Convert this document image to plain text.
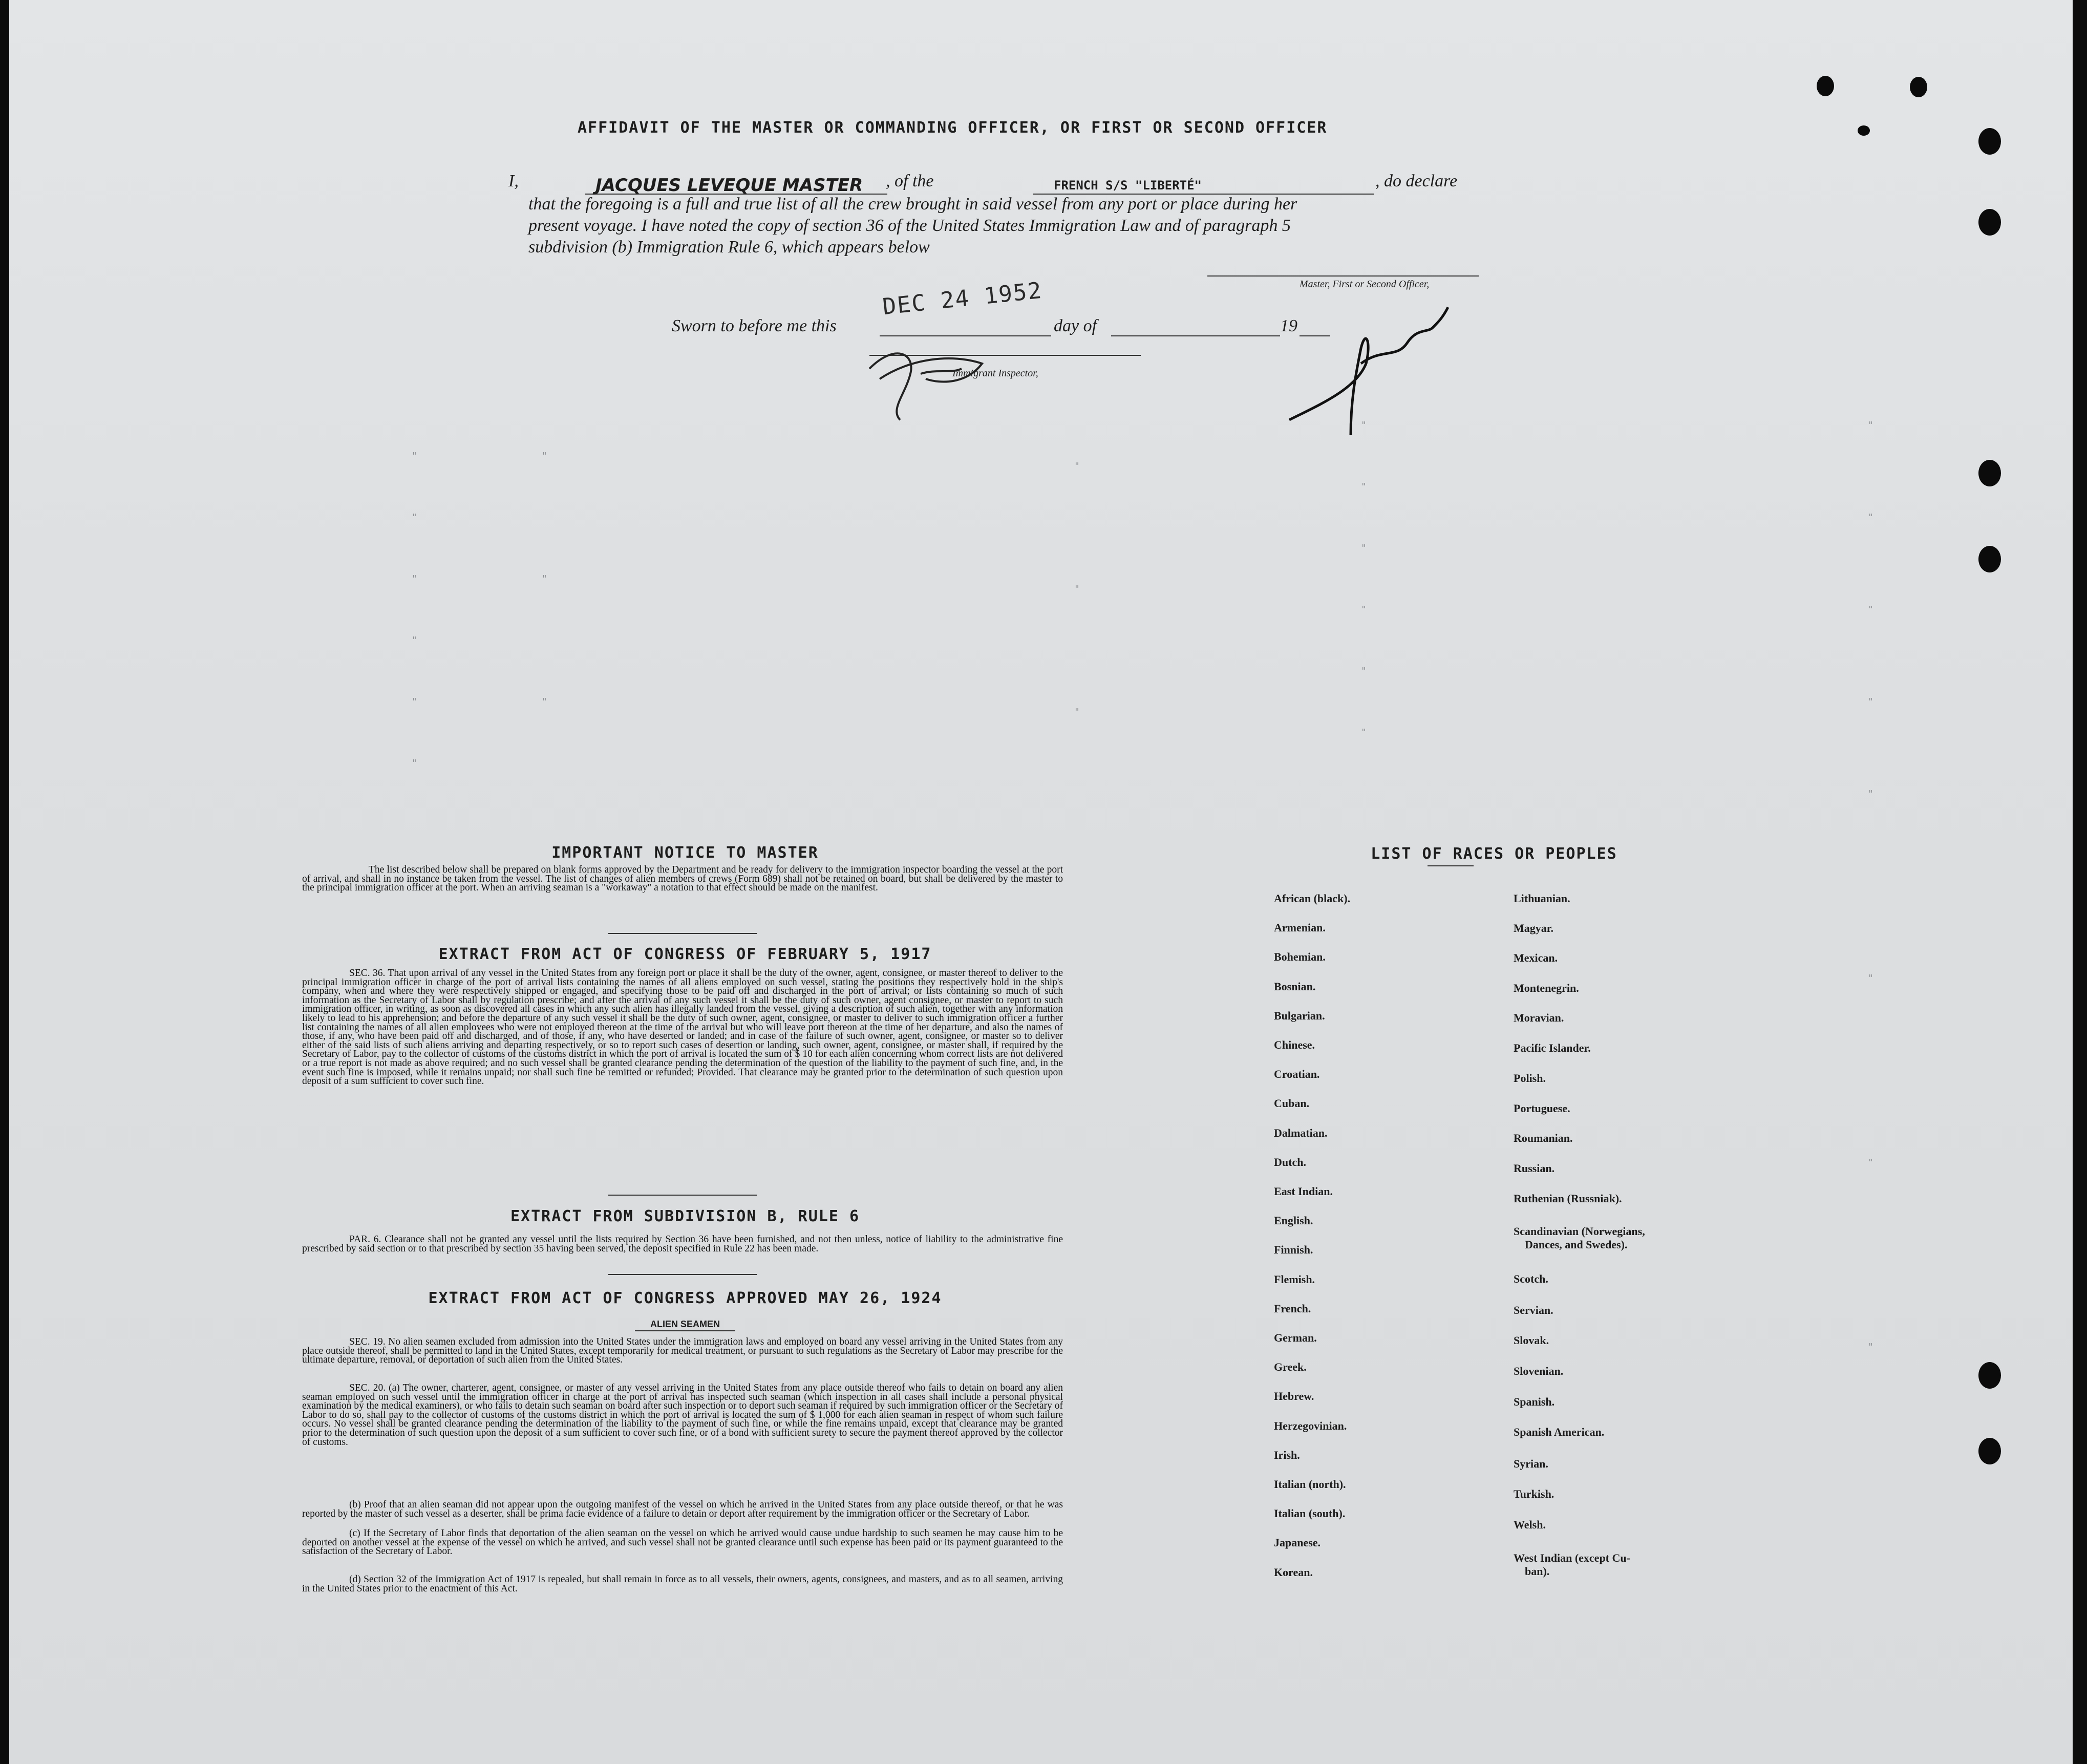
"
"
"
"
"
"
"
"
"
"
"
"
"
"
"
"
"
"
"
"
"
"
"
"
"
"
AFFIDAVIT OF THE MASTER OR COMMANDING OFFICER, OR FIRST OR SECOND OFFICER
I,	JACQUES LEVEQUE MASTER , of the	FRENCH S/S "LIBERTÉ"	, do declare
that the foregoing is a full and true list of all the crew brought in said vessel from any port or place during her
present voyage. I have noted the copy of section 36 of the United States Immigration Law and of paragraph 5
subdivision (b) Immigration Rule 6, which appears below
Master, First or Second Officer,
Sworn to before me this	day of	19
DEC 24 1952
Immigrant Inspector,
IMPORTANT NOTICE TO MASTER
The list described below shall be prepared on blank forms approved by the Department and be ready for delivery to the immigration inspector boarding the vessel at the port of arrival, and shall in no instance be taken from the vessel. The list of changes of alien members of crews (Form 689) shall not be retained on board, but shall be delivered by the master to the principal immigration officer at the port. When an arriving seaman is a "workaway" a notation to that effect should be made on the manifest.
EXTRACT FROM ACT OF CONGRESS OF FEBRUARY 5, 1917
SEC. 36. That upon arrival of any vessel in the United States from any foreign port or place it shall be the duty of the owner, agent, consignee, or master thereof to deliver to the principal immigration officer in charge of the port of arrival lists containing the names of all aliens employed on such vessel, stating the positions they respectively hold in the ship's company, when and where they were respectively shipped or engaged, and specifying those to be paid off and discharged in the port of arrival; or lists containing so much of such information as the Secretary of Labor shall by regulation prescribe; and after the arrival of any such vessel it shall be the duty of such owner, agent consignee, or master to report to such immigration officer, in writing, as soon as discovered all cases in which any such alien has illegally landed from the vessel, giving a description of such alien, together with any information likely to lead to his apprehension; and before the departure of any such vessel it shall be the duty of such owner, agent, consignee, or master to deliver to such immigration officer a further list containing the names of all alien employees who were not employed thereon at the time of the arrival but who will leave port thereon at the time of her departure, and also the names of those, if any, who have been paid off and discharged, and of those, if any, who have deserted or landed; and in case of the failure of such owner, agent, consignee, or master so to deliver either of the said lists of such aliens arriving and departing respectively, or so to report such cases of desertion or landing, such owner, agent, consignee, or master shall, if required by the Secretary of Labor, pay to the collector of customs of the customs district in which the port of arrival is located the sum of $ 10 for each alien concerning whom correct lists are not delivered or a true report is not made as above required; and no such vessel shall be granted clearance pending the determination of the question of the liability to the payment of such fine, and, in the event such fine is imposed, while it remains unpaid; nor shall such fine be remitted or refunded; Provided. That clearance may be granted prior to the determination of such question upon deposit of a sum sufficient to cover such fine.
EXTRACT FROM SUBDIVISION B, RULE 6
PAR. 6. Clearance shall not be granted any vessel until the lists required by Section 36 have been furnished, and not then unless, notice of liability to the administrative fine prescribed by said section or to that prescribed by section 35 having been served, the deposit specified in Rule 22 has been made.
EXTRACT FROM ACT OF CONGRESS APPROVED MAY 26, 1924
ALIEN SEAMEN
SEC. 19. No alien seamen excluded from admission into the United States under the immigration laws and employed on board any vessel arriving in the United States from any place outside thereof, shall be permitted to land in the United States, except temporarily for medical treatment, or pursuant to such regulations as the Secretary of Labor may prescribe for the ultimate departure, removal, or deportation of such alien from the United States.
SEC. 20. (a) The owner, charterer, agent, consignee, or master of any vessel arriving in the United States from any place outside thereof who fails to detain on board any alien seaman employed on such vessel until the immigration officer in charge at the port of arrival has inspected such seaman (which inspection in all cases shall include a personal physical examination by the medical examiners), or who fails to detain such seaman on board after such inspection or to deport such seaman if required by such immigration officer or the Secretary of Labor to do so, shall pay to the collector of customs of the customs district in which the port of arrival is located the sum of $ 1,000 for each alien seaman in respect of whom such failure occurs. No vessel shall be granted clearance pending the determination of the liability to the payment of such fine, or while the fine remains unpaid, except that clearance may be granted prior to the determination of such question upon the deposit of a sum sufficient to cover such fine, or of a bond with sufficient surety to secure the payment thereof approved by the collector of customs.
(b) Proof that an alien seaman did not appear upon the outgoing manifest of the vessel on which he arrived in the United States from any place outside thereof, or that he was reported by the master of such vessel as a deserter, shall be prima facie evidence of a failure to detain or deport after requirement by the immigration officer or the Secretary of Labor.
(c) If the Secretary of Labor finds that deportation of the alien seaman on the vessel on which he arrived would cause undue hardship to such seamen he may cause him to be deported on another vessel at the expense of the vessel on which he arrived, and such vessel shall not be granted clearance until such expense has been paid or its payment guaranteed to the satisfaction of the Secretary of Labor.
(d) Section 32 of the Immigration Act of 1917 is repealed, but shall remain in force as to all vessels, their owners, agents, consignees, and masters, and as to all seamen, arriving in the United States prior to the enactment of this Act.
LIST OF RACES OR PEOPLES
African (black).
Armenian.
Bohemian.
Bosnian.
Bulgarian.
Chinese.
Croatian.
Cuban.
Dalmatian.
Dutch.
East Indian.
English.
Finnish.
Flemish.
French.
German.
Greek.
Hebrew.
Herzegovinian.
Irish.
Italian (north).
Italian (south).
Japanese.
Korean.
Lithuanian.
Magyar.
Mexican.
Montenegrin.
Moravian.
Pacific Islander.
Polish.
Portuguese.
Roumanian.
Russian.
Ruthenian (Russniak).
Scandinavian (Norwegians,
Dances, and Swedes).
Scotch.
Servian.
Slovak.
Slovenian.
Spanish.
Spanish American.
Syrian.
Turkish.
Welsh.
West Indian (except Cu-
ban).
